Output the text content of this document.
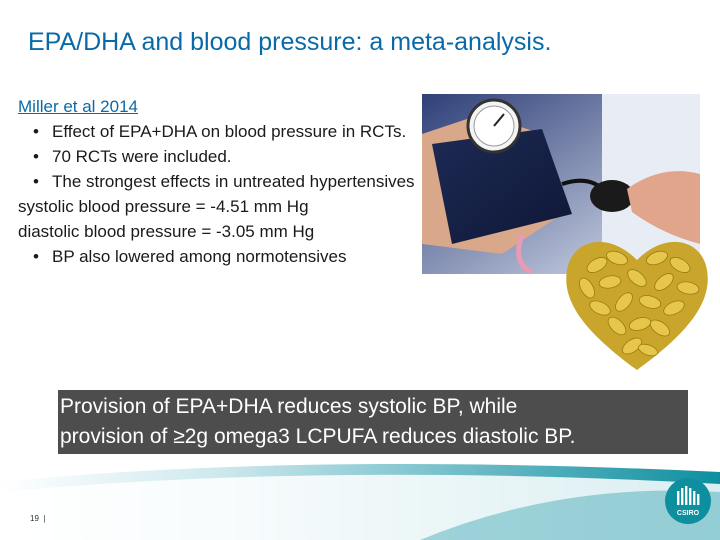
EPA/DHA and blood pressure: a meta-analysis.
Miller et al 2014
• Effect of EPA+DHA on blood pressure in RCTs.
• 70 RCTs were included.
• The strongest effects in untreated hypertensives
systolic blood pressure = -4.51 mm Hg
diastolic blood pressure = -3.05 mm Hg
• BP also lowered among normotensives
Provision of EPA+DHA reduces systolic BP, while
provision of ≥2g omega3 LCPUFA reduces diastolic BP.
19 |
CSIRO
